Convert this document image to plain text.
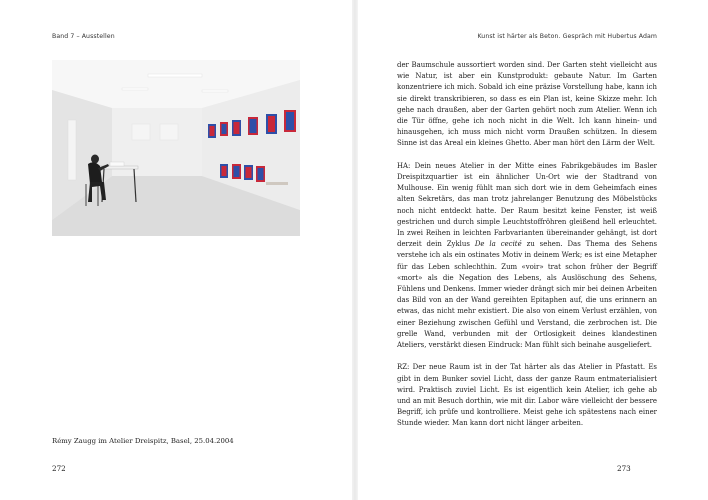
Band 7 – Ausstellen
Rémy Zaugg im Atelier Dreispitz, Basel, 25.04.2004
272
Kunst ist härter als Beton. Gespräch mit Hubertus Adam

der Baumschule aussortiert worden sind. Der Garten steht vielleicht aus wie Natur, ist aber ein Kunstprodukt: gebaute Natur. Im Garten konzentriere ich mich. Sobald ich eine präzise Vorstellung habe, kann ich sie direkt transkribieren, so dass es ein Plan ist, keine Skizze mehr. Ich gehe nach draußen, aber der Garten gehört noch zum Atelier. Wenn ich die Tür öffne, gehe ich noch nicht in die Welt. Ich kann hinein- und hinausgehen, ich muss mich nicht vorm Draußen schützen. In diesem Sinne ist das Areal ein kleines Ghetto. Aber man hört den Lärm der Welt.

HA: Dein neues Atelier in der Mitte eines Fabrikgebäudes im Basler Dreispitzquartier ist ein ähnlicher Un-Ort wie der Stadtrand von Mulhouse. Ein wenig fühlt man sich dort wie in dem Geheimfach eines alten Sekretärs, das man trotz jahrelanger Benutzung des Möbelstücks noch nicht entdeckt hatte. Der Raum besitzt keine Fenster, ist weiß gestrichen und durch simple Leuchtstoffröhren gleißend hell erleuchtet. In zwei Reihen in leichten Farbvarianten übereinander gehängt, ist dort derzeit dein Zyklus De la cecité zu sehen. Das Thema des Sehens verstehe ich als ein ostinates Motiv in deinem Werk; es ist eine Metapher für das Leben schlechthin. Zum «voir» trat schon früher der Begriff «mort» als die Negation des Lebens, als Auslöschung des Sehens, Fühlens und Denkens. Immer wieder drängt sich mir bei deinen Arbeiten das Bild von an der Wand gereihten Epitaphen auf, die uns erinnern an etwas, das nicht mehr existiert. Die also von einem Verlust erzählen, von einer Beziehung zwischen Gefühl und Verstand, die zerbrochen ist. Die grelle Wand, verbunden mit der Ortlosigkeit deines klandestinen Ateliers, verstärkt diesen Eindruck: Man fühlt sich beinahe ausgeliefert.

RZ: Der neue Raum ist in der Tat härter als das Atelier in Pfastatt. Es gibt in dem Bunker soviel Licht, dass der ganze Raum entmaterialisiert wird. Praktisch zuviel Licht. Es ist eigentlich kein Atelier, ich gehe ab und an mit Besuch dorthin, wie mit dir. Labor wäre vielleicht der bessere Begriff, ich prüfe und kontrolliere. Meist gehe ich spätestens nach einer Stunde wieder. Man kann dort nicht länger arbeiten.

273
